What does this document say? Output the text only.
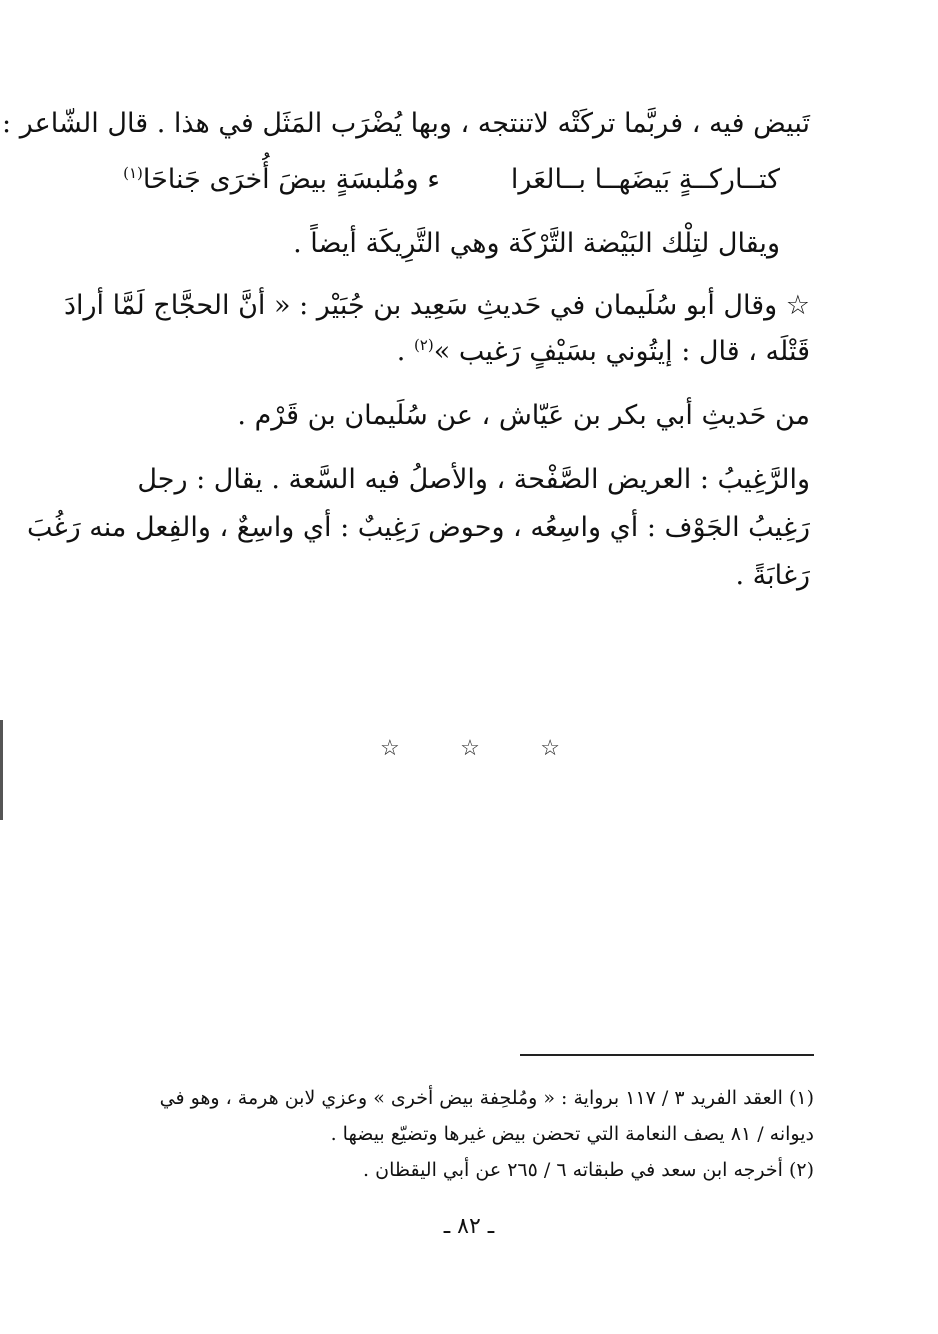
تَبيض فيه ، فربَّما تركَتْه لاتنتجه ، وبها يُضْرَب المَثَل في هذا . قال الشّاعر :
كتــاركــةٍ بَيضَهــا بــالعَرا
ء ومُلبسَةٍ بيضَ أُخرَى جَناحَا$^{(١)}$
ويقال لتِلْك البَيْضة التَّرْكَة وهي التَّرِيكَة أيضاً .
☆ وقال أبو سُلَيمان في حَديثِ سَعِيد بن جُبَيْر : « أنَّ الحجَّاج لَمَّا أرادَ
قَتْلَه ، قال : إيتُوني بسَيْفٍ رَغيب »$^{(٢)}$ .
من حَديثِ أبي بكر بن عَيّاش ، عن سُلَيمان بن قَرْم .
والرَّغِيبُ : العريض الصَّفْحة ، والأصلُ فيه السَّعة . يقال : رجل
رَغِيبُ الجَوْف : أي واسِعُه ، وحوض رَغِيبٌ : أي واسِعٌ ، والفِعل منه رَغُبَ
رَغابَةً .
☆	☆	☆
(١) العقد الفريد ٣ / ١١٧ برواية : « ومُلحِفة بيض أخرى » وعزي لابن هرمة ، وهو في
ديوانه / ٨١ يصف النعامة التي تحضن بيض غيرها وتضيّع بيضها .
(٢) أخرجه ابن سعد في طبقاته ٦ / ٢٦٥ عن أبي اليقظان .
ـ ٨٢ ـ
